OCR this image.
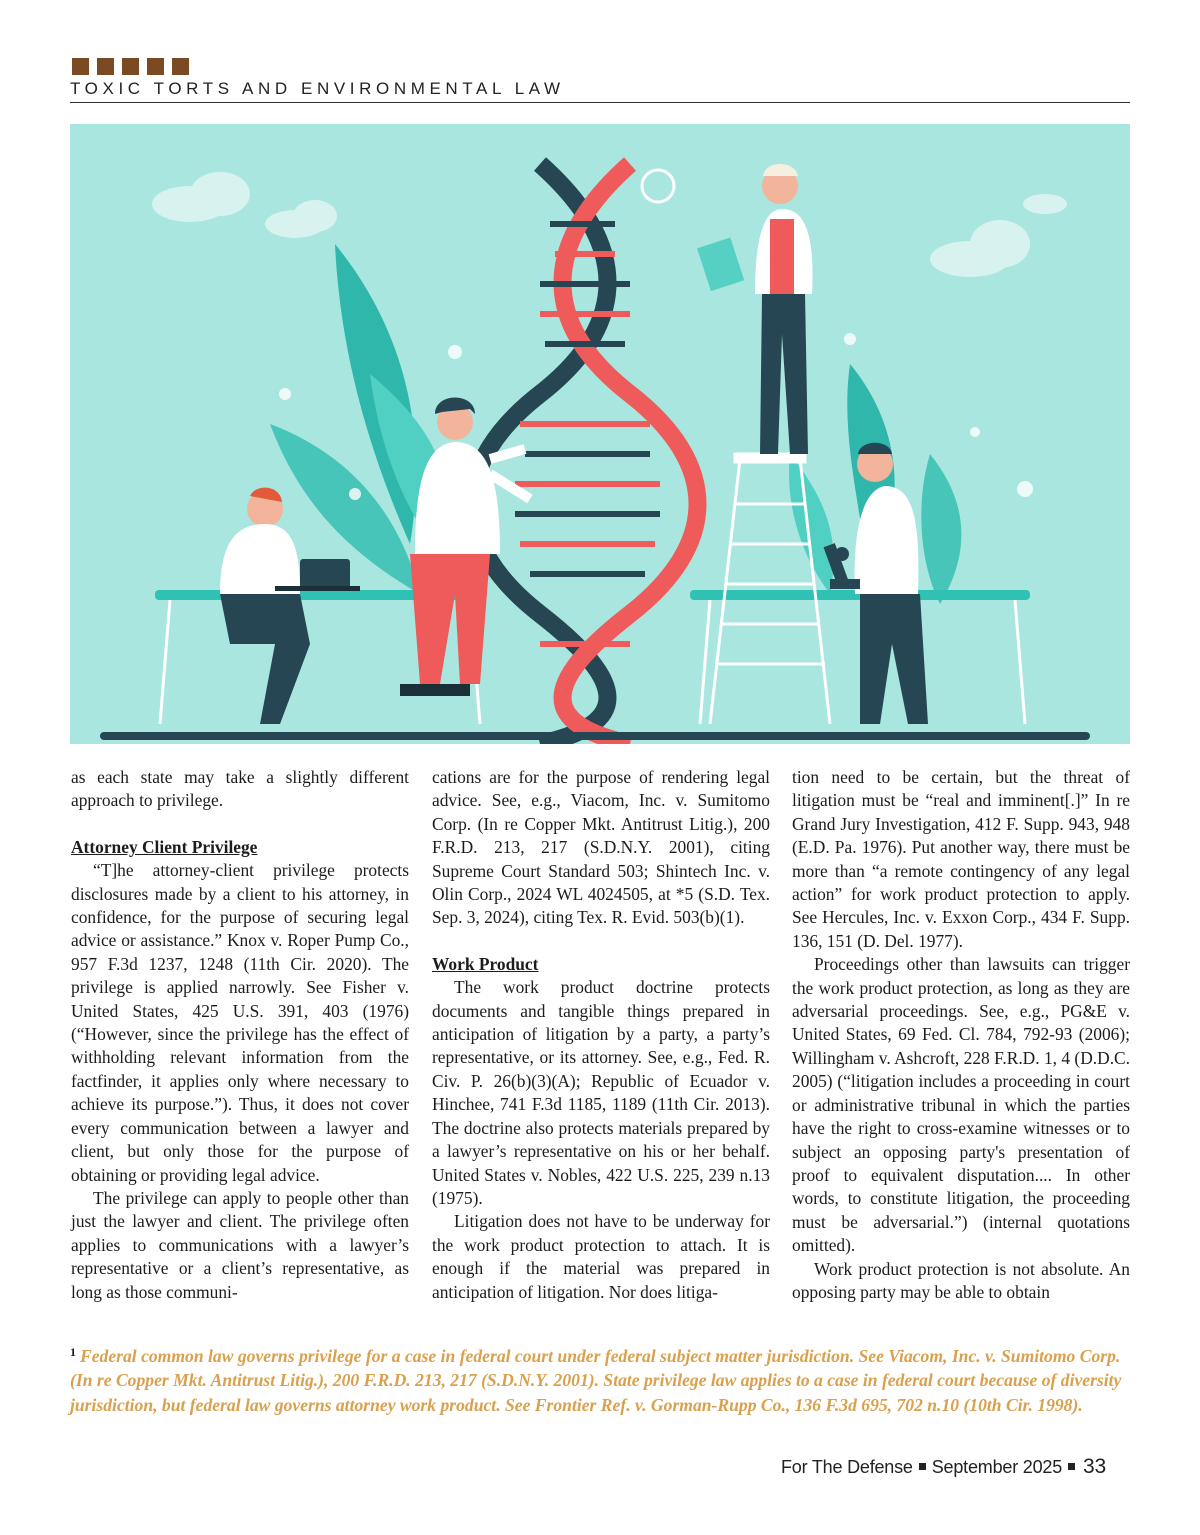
TOXIC TORTS AND ENVIRONMENTAL LAW

as each state may take a slightly different approach to privilege.

Attorney Client Privilege

“T]he attorney-client privilege protects disclosures made by a client to his attorney, in confidence, for the purpose of securing legal advice or assistance.” Knox v. Roper Pump Co., 957 F.3d 1237, 1248 (11th Cir. 2020). The privilege is applied narrowly. See Fisher v. United States, 425 U.S. 391, 403 (1976) (“However, since the privilege has the effect of withholding relevant information from the factfinder, it applies only where necessary to achieve its purpose.”). Thus, it does not cover every communication between a lawyer and client, but only those for the purpose of obtaining or providing legal advice.

The privilege can apply to people other than just the lawyer and client. The privilege often applies to communications with a lawyer’s representative or a client’s representative, as long as those communi-

cations are for the purpose of rendering legal advice. See, e.g., Viacom, Inc. v. Sumitomo Corp. (In re Copper Mkt. Antitrust Litig.), 200 F.R.D. 213, 217 (S.D.N.Y. 2001), citing Supreme Court Standard 503; Shintech Inc. v. Olin Corp., 2024 WL 4024505, at *5 (S.D. Tex. Sep. 3, 2024), citing Tex. R. Evid. 503(b)(1).

Work Product

The work product doctrine protects documents and tangible things prepared in anticipation of litigation by a party, a party’s representative, or its attorney. See, e.g., Fed. R. Civ. P. 26(b)(3)(A); Republic of Ecuador v. Hinchee, 741 F.3d 1185, 1189 (11th Cir. 2013). The doctrine also protects materials prepared by a lawyer’s representative on his or her behalf. United States v. Nobles, 422 U.S. 225, 239 n.13 (1975).

Litigation does not have to be underway for the work product protection to attach. It is enough if the material was prepared in anticipation of litigation. Nor does litiga-

tion need to be certain, but the threat of litigation must be “real and imminent[.]” In re Grand Jury Investigation, 412 F. Supp. 943, 948 (E.D. Pa. 1976). Put another way, there must be more than “a remote contingency of any legal action” for work product protection to apply. See Hercules, Inc. v. Exxon Corp., 434 F. Supp. 136, 151 (D. Del. 1977).

Proceedings other than lawsuits can trigger the work product protection, as long as they are adversarial proceedings. See, e.g., PG&E v. United States, 69 Fed. Cl. 784, 792-93 (2006); Willingham v. Ashcroft, 228 F.R.D. 1, 4 (D.D.C. 2005) (“litigation includes a proceeding in court or administrative tribunal in which the parties have the right to cross-examine witnesses or to subject an opposing party's presentation of proof to equivalent disputation.... In other words, to constitute litigation, the proceeding must be adversarial.”) (internal quotations omitted).

Work product protection is not absolute. An opposing party may be able to obtain

$^1$ Federal common law governs privilege for a case in federal court under federal subject matter jurisdiction. See Viacom, Inc. v. Sumitomo Corp. (In re Copper Mkt. Antitrust Litig.), 200 F.R.D. 213, 217 (S.D.N.Y. 2001). State privilege law applies to a case in federal court because of diversity jurisdiction, but federal law governs attorney work product. See Frontier Ref. v. Gorman-Rupp Co., 136 F.3d 695, 702 n.10 (10th Cir. 1998).
For The Defense September 2025 33
